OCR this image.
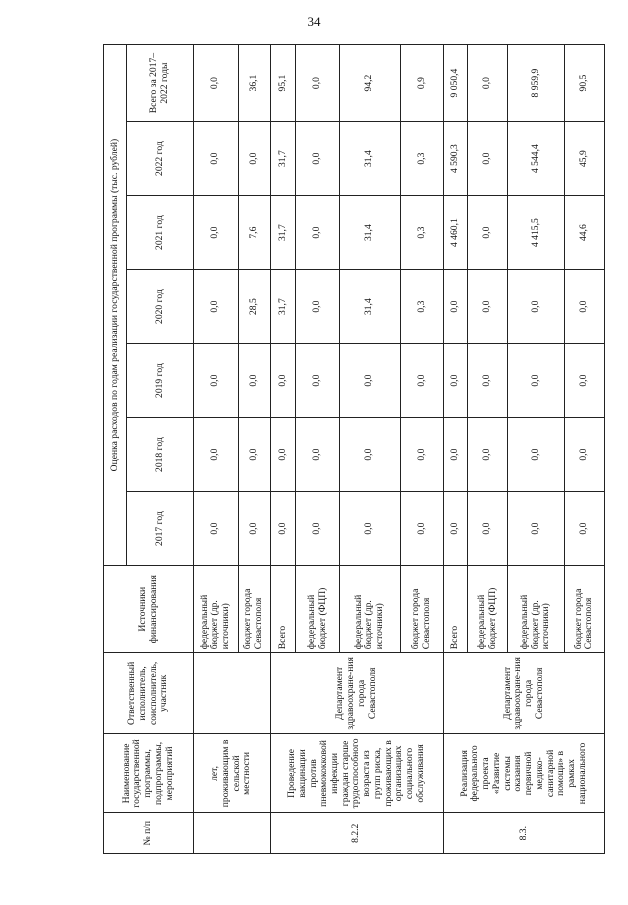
34
№ п/п	Наименование государственной программы, подпрограммы, мероприятий	Ответственный исполнитель, соисполнитель, участник	Источники финансирования	Оценка расходов по годам реализации государственной программы (тыс. рублей)						
				2017 год	2018 год	2019 год	2020 год	2021 год	2022 год	Всего за 2017–2022 годы
	лет, проживающим в сельской местности		федеральный бюджет (др. источники)	0,0	0,0	0,0	0,0	0,0	0,0	0,0
			бюджет города Севастополя	0,0	0,0	0,0	28,5	7,6	0,0	36,1
8.2.2	Проведение вакцинации против пневмококковой инфекции граждан старше трудоспособного возраста из групп риска, проживающих в организациях социального обслуживания	Департамент здравоохране-ния города Севастополя	Всего	0,0	0,0	0,0	31,7	31,7	31,7	95,1
			федеральный бюджет (ФЦП)	0,0	0,0	0,0	0,0	0,0	0,0	0,0
			федеральный бюджет (др. источники)	0,0	0,0	0,0	31,4	31,4	31,4	94,2
			бюджет города Севастополя	0,0	0,0	0,0	0,3	0,3	0,3	0,9
8.3.	Реализация федерального проекта «Развитие системы оказания первичной медико-санитарной помощи» в рамках национального	Департамент здравоохране-ния города Севастополя	Всего	0,0	0,0	0,0	0,0	4 460,1	4 590,3	9 050,4
			федеральный бюджет (ФЦП)	0,0	0,0	0,0	0,0	0,0	0,0	0,0
			федеральный бюджет (др. источники)	0,0	0,0	0,0	0,0	4 415,5	4 544,4	8 959,9
			бюджет города Севастополя	0,0	0,0	0,0	0,0	44,6	45,9	90,5
